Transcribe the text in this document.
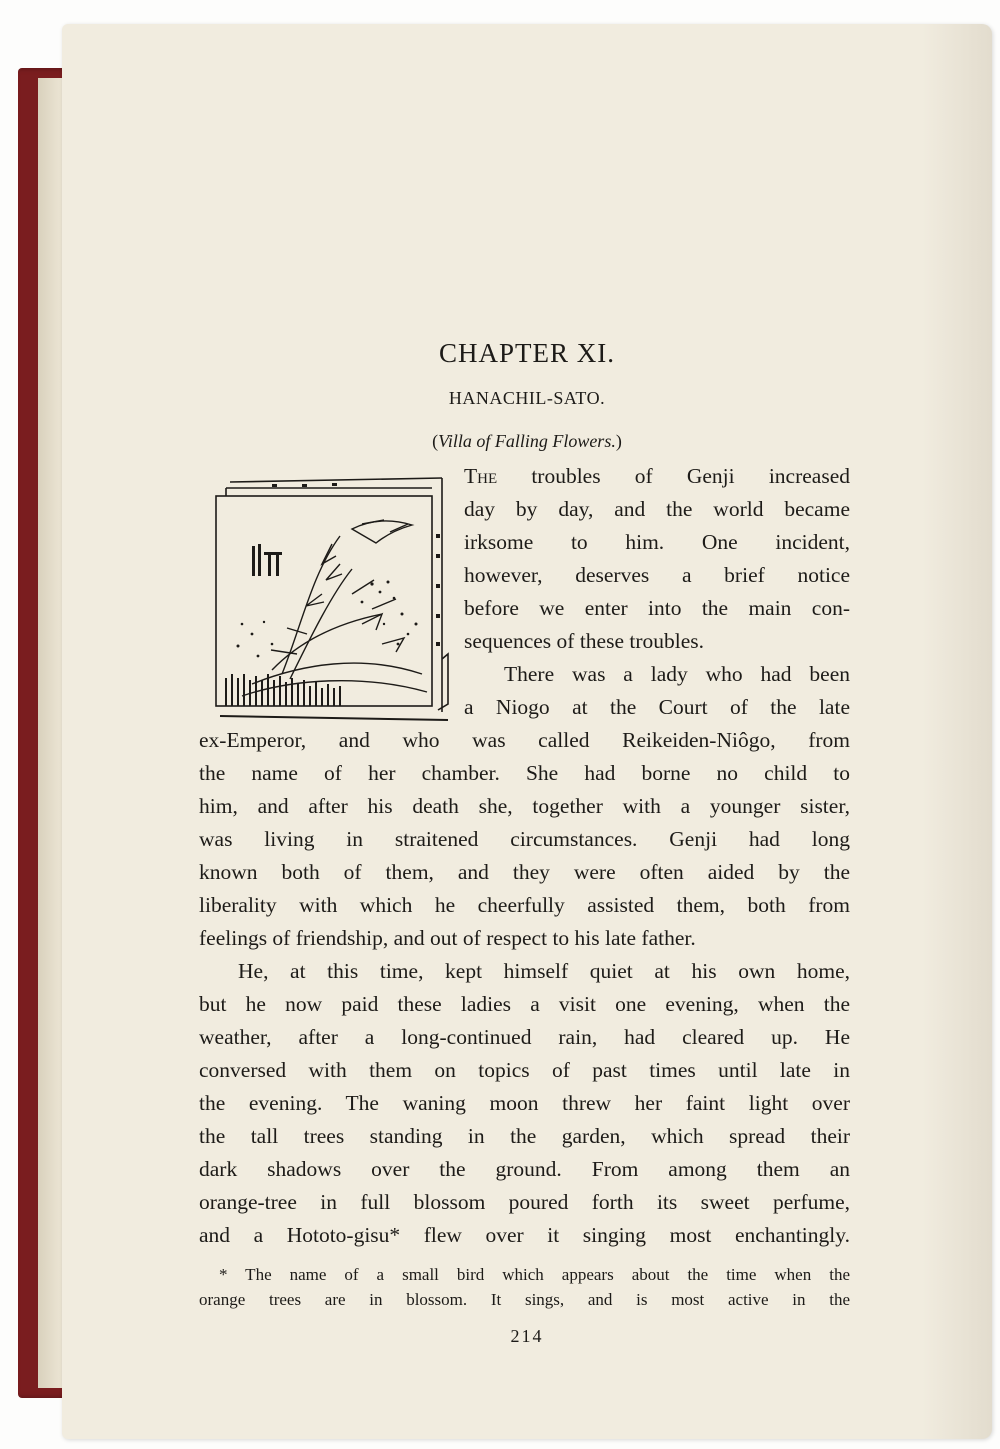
CHAPTER XI.
HANACHIL-SATO.
(Villa of Falling Flowers.)
The troubles of Genji increased
day by day, and the world became
irksome to him. One incident,
however, deserves a brief notice
before we enter into the main con-
sequences of these troubles.
There was a lady who had been
a Niogo at the Court of the late
ex-Emperor, and who was called Reikeiden-Niôgo, from
the name of her chamber. She had borne no child to
him, and after his death she, together with a younger sister,
was living in straitened circumstances. Genji had long
known both of them, and they were often aided by the
liberality with which he cheerfully assisted them, both from
feelings of friendship, and out of respect to his late father.
He, at this time, kept himself quiet at his own home,
but he now paid these ladies a visit one evening, when the
weather, after a long-continued rain, had cleared up. He
conversed with them on topics of past times until late in
the evening. The waning moon threw her faint light over
the tall trees standing in the garden, which spread their
dark shadows over the ground. From among them an
orange-tree in full blossom poured forth its sweet perfume,
and a Hototo-gisu* flew over it singing most enchantingly.
* The name of a small bird which appears about the time when the
orange trees are in blossom. It sings, and is most active in the
214
